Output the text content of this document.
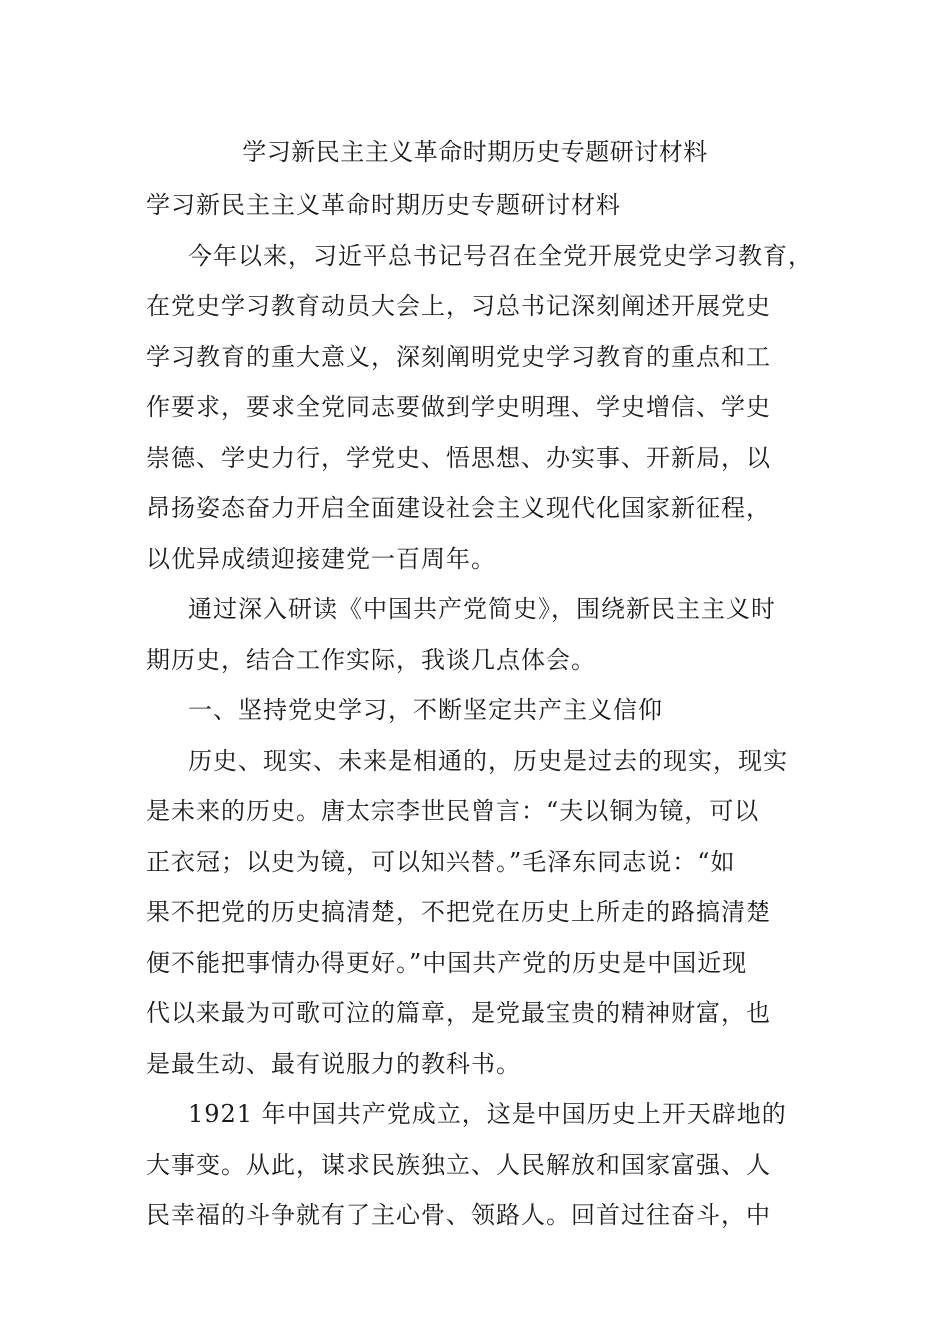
学习新民主主义革命时期历史专题研讨材料
学习新民主主义革命时期历史专题研讨材料
今年以来，习近平总书记号召在全党开展党史学习教育，
在党史学习教育动员大会上，习总书记深刻阐述开展党史
学习教育的重大意义，深刻阐明党史学习教育的重点和工
作要求，要求全党同志要做到学史明理、学史增信、学史
崇德、学史力行，学党史、悟思想、办实事、开新局，以
昂扬姿态奋力开启全面建设社会主义现代化国家新征程，
以优异成绩迎接建党一百周年。
通过深入研读《中国共产党简史》，围绕新民主主义时
期历史，结合工作实际，我谈几点体会。
一、坚持党史学习，不断坚定共产主义信仰
历史、现实、未来是相通的，历史是过去的现实，现实
是未来的历史。唐太宗李世民曾言：“夫以铜为镜，可以
正衣冠；以史为镜，可以知兴替。”毛泽东同志说：“如
果不把党的历史搞清楚，不把党在历史上所走的路搞清楚
便不能把事情办得更好。”中国共产党的历史是中国近现
代以来最为可歌可泣的篇章，是党最宝贵的精神财富，也
是最生动、最有说服力的教科书。
1921 年中国共产党成立，这是中国历史上开天辟地的
大事变。从此，谋求民族独立、人民解放和国家富强、人
民幸福的斗争就有了主心骨、领路人。回首过往奋斗，中
